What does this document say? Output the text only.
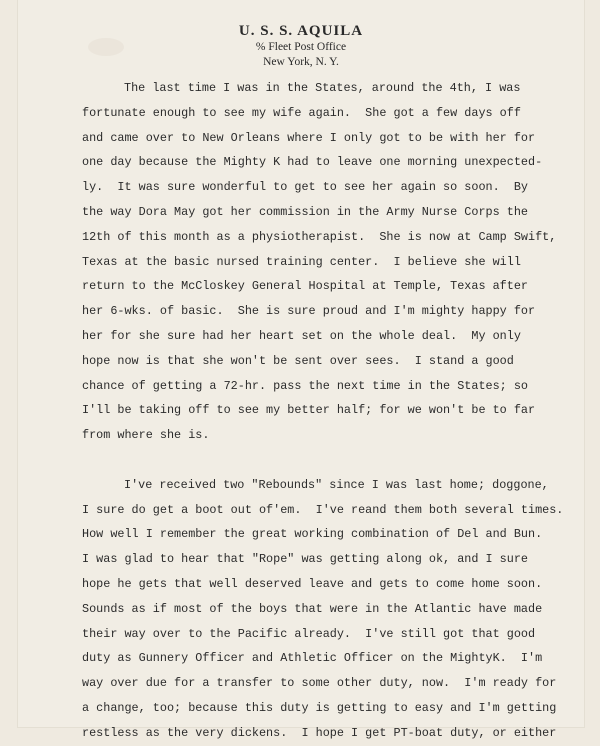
U. S. S. AQUILA
% Fleet Post Office
New York, N. Y.
The last time I was in the States, around the 4th, I was
fortunate enough to see my wife again.  She got a few days off
and came over to New Orleans where I only got to be with her for
one day because the Mighty K had to leave one morning unexpected-
ly.  It was sure wonderful to get to see her again so soon.  By
the way Dora May got her commission in the Army Nurse Corps the
12th of this month as a physiotherapist.  She is now at Camp Swift,
Texas at the basic nursed training center.  I believe she will
return to the McCloskey General Hospital at Temple, Texas after
her 6-wks. of basic.  She is sure proud and I'm mighty happy for
her for she sure had her heart set on the whole deal.  My only
hope now is that she won't be sent over sees.  I stand a good
chance of getting a 72-hr. pass the next time in the States; so
I'll be taking off to see my better half; for we won't be to far
from where she is.
I've received two "Rebounds" since I was last home; doggone,
I sure do get a boot out of'em.  I've reand them both several times.
How well I remember the great working combination of Del and Bun.
I was glad to hear that "Rope" was getting along ok, and I sure
hope he gets that well deserved leave and gets to come home soon.
Sounds as if most of the boys that were in the Atlantic have made
their way over to the Pacific already.  I've still got that good
duty as Gunnery Officer and Athletic Officer on the MightyK.  I'm
way over due for a transfer to some other duty, now.  I'm ready for
a change, too; because this duty is getting to easy and I'm getting
restless as the very dickens.  I hope I get PT-boat duty, or either
